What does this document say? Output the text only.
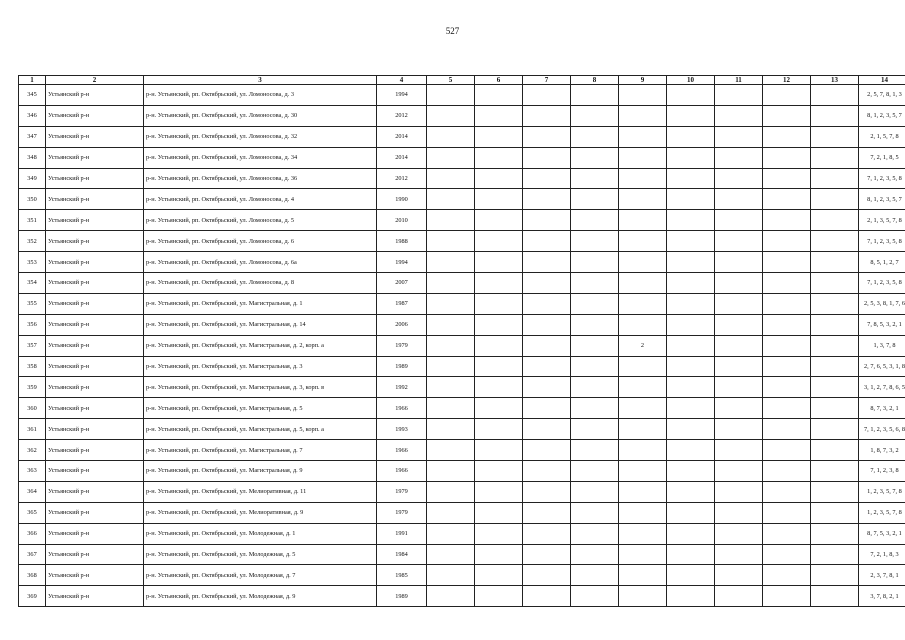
527
1	2	3	4	5	6	7	8	9	10	11	12	13	14
345	Устьянский р-н	р-н. Устьянский, рп. Октябрьский, ул. Ломоносова, д. 3	1994										2, 5, 7, 8, 1, 3
346	Устьянский р-н	р-н. Устьянский, рп. Октябрьский, ул. Ломоносова, д. 30	2012										8, 1, 2, 3, 5, 7
347	Устьянский р-н	р-н. Устьянский, рп. Октябрьский, ул. Ломоносова, д. 32	2014										2, 1, 5, 7, 8
348	Устьянский р-н	р-н. Устьянский, рп. Октябрьский, ул. Ломоносова, д. 34	2014										7, 2, 1, 8, 5
349	Устьянский р-н	р-н. Устьянский, рп. Октябрьский, ул. Ломоносова, д. 36	2012										7, 1, 2, 3, 5, 8
350	Устьянский р-н	р-н. Устьянский, рп. Октябрьский, ул. Ломоносова, д. 4	1990										8, 1, 2, 3, 5, 7
351	Устьянский р-н	р-н. Устьянский, рп. Октябрьский, ул. Ломоносова, д. 5	2010										2, 1, 3, 5, 7, 8
352	Устьянский р-н	р-н. Устьянский, рп. Октябрьский, ул. Ломоносова, д. 6	1988										7, 1, 2, 3, 5, 8
353	Устьянский р-н	р-н. Устьянский, рп. Октябрьский, ул. Ломоносова, д. 6а	1994										8, 5, 1, 2, 7
354	Устьянский р-н	р-н. Устьянский, рп. Октябрьский, ул. Ломоносова, д. 8	2007										7, 1, 2, 3, 5, 8
355	Устьянский р-н	р-н. Устьянский, рп. Октябрьский, ул. Магистральная, д. 1	1987										2, 5, 3, 8, 1, 7, 6
356	Устьянский р-н	р-н. Устьянский, рп. Октябрьский, ул. Магистральная, д. 14	2006										7, 8, 5, 3, 2, 1
357	Устьянский р-н	р-н. Устьянский, рп. Октябрьский, ул. Магистральная, д. 2, корп. а	1979					2					1, 3, 7, 8
358	Устьянский р-н	р-н. Устьянский, рп. Октябрьский, ул. Магистральная, д. 3	1989										2, 7, 6, 5, 3, 1, 8
359	Устьянский р-н	р-н. Устьянский, рп. Октябрьский, ул. Магистральная, д. 3, корп. в	1992										3, 1, 2, 7, 8, 6, 5
360	Устьянский р-н	р-н. Устьянский, рп. Октябрьский, ул. Магистральная, д. 5	1966										8, 7, 3, 2, 1
361	Устьянский р-н	р-н. Устьянский, рп. Октябрьский, ул. Магистральная, д. 5, корп. а	1993										7, 1, 2, 3, 5, 6, 8
362	Устьянский р-н	р-н. Устьянский, рп. Октябрьский, ул. Магистральная, д. 7	1966										1, 8, 7, 3, 2
363	Устьянский р-н	р-н. Устьянский, рп. Октябрьский, ул. Магистральная, д. 9	1966										7, 1, 2, 3, 8
364	Устьянский р-н	р-н. Устьянский, рп. Октябрьский, ул. Мелиоративная, д. 11	1979										1, 2, 3, 5, 7, 8
365	Устьянский р-н	р-н. Устьянский, рп. Октябрьский, ул. Мелиоративная, д. 9	1979										1, 2, 3, 5, 7, 8
366	Устьянский р-н	р-н. Устьянский, рп. Октябрьский, ул. Молодежная, д. 1	1991										8, 7, 5, 3, 2, 1
367	Устьянский р-н	р-н. Устьянский, рп. Октябрьский, ул. Молодежная, д. 5	1984										7, 2, 1, 8, 3
368	Устьянский р-н	р-н. Устьянский, рп. Октябрьский, ул. Молодежная, д. 7	1985										2, 3, 7, 8, 1
369	Устьянский р-н	р-н. Устьянский, рп. Октябрьский, ул. Молодежная, д. 9	1989										3, 7, 8, 2, 1
